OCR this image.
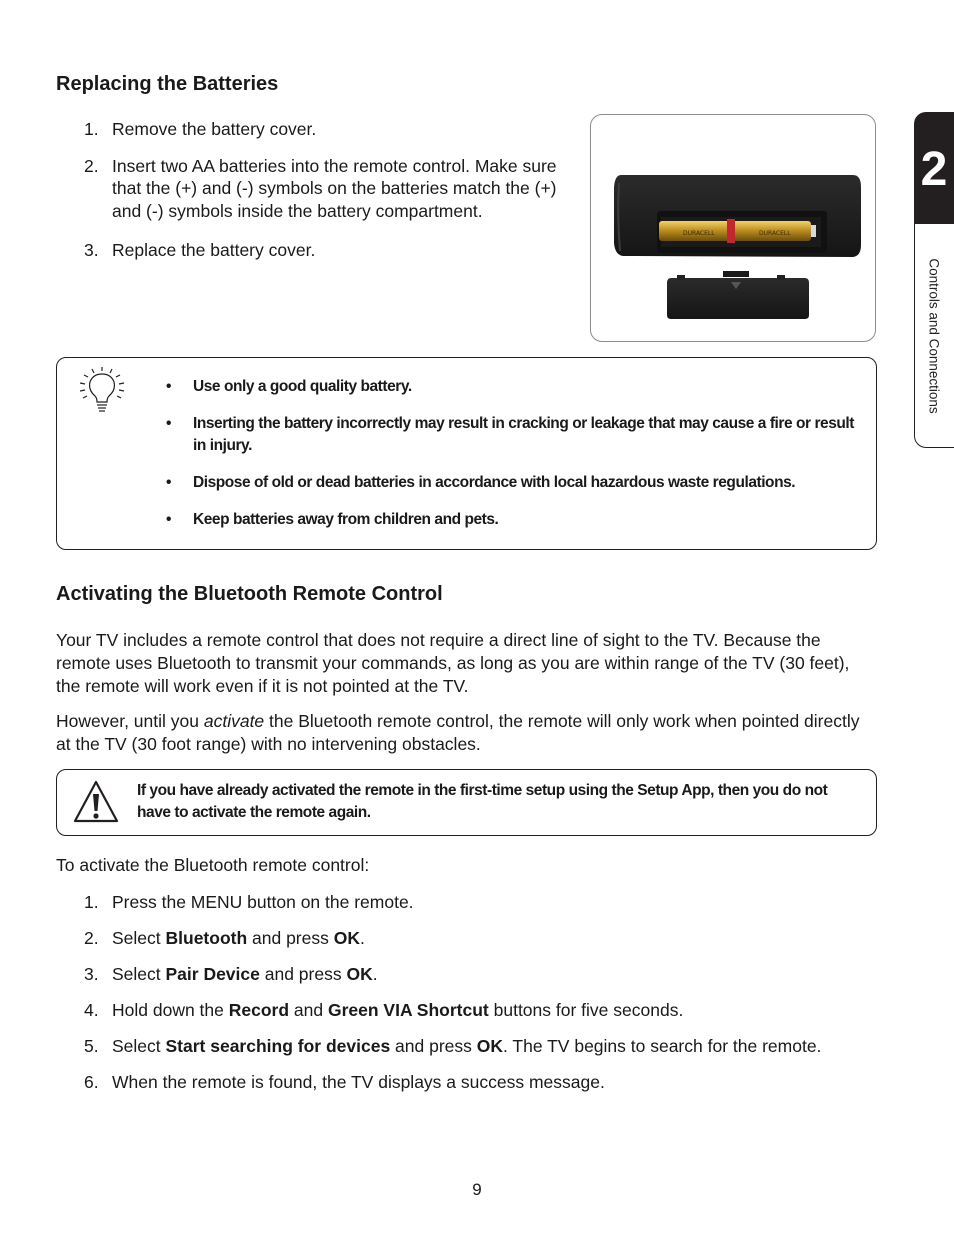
2
Controls and Connections
Replacing the Batteries
1. Remove the battery cover.
2. Insert two AA batteries into the remote control. Make sure that the (+) and (-) symbols on the batteries match the (+) and (-) symbols inside the battery compartment.
3. Replace the battery cover.
DURACELL	DURACELL
• Use only a good quality battery.
• Inserting the battery incorrectly may result in cracking or leakage that may cause a fire or result in injury.
• Dispose of old or dead batteries in accordance with local hazardous waste regulations.
• Keep batteries away from children and pets.
Activating the Bluetooth Remote Control

Your TV includes a remote control that does not require a direct line of sight to the TV. Because the remote uses Bluetooth to transmit your commands, as long as you are within range of the TV (30 feet), the remote will work even if it is not pointed at the TV.

However, until you activate the Bluetooth remote control, the remote will only work when pointed directly at the TV (30 foot range) with no intervening obstacles.

If you have already activated the remote in the first-time setup using the Setup App, then you do not have to activate the remote again.

To activate the Bluetooth remote control:

1. Press the MENU button on the remote.
2. Select Bluetooth and press OK.
3. Select Pair Device and press OK.
4. Hold down the Record and Green VIA Shortcut buttons for five seconds.
5. Select Start searching for devices and press OK. The TV begins to search for the remote.
6. When the remote is found, the TV displays a success message.
9
